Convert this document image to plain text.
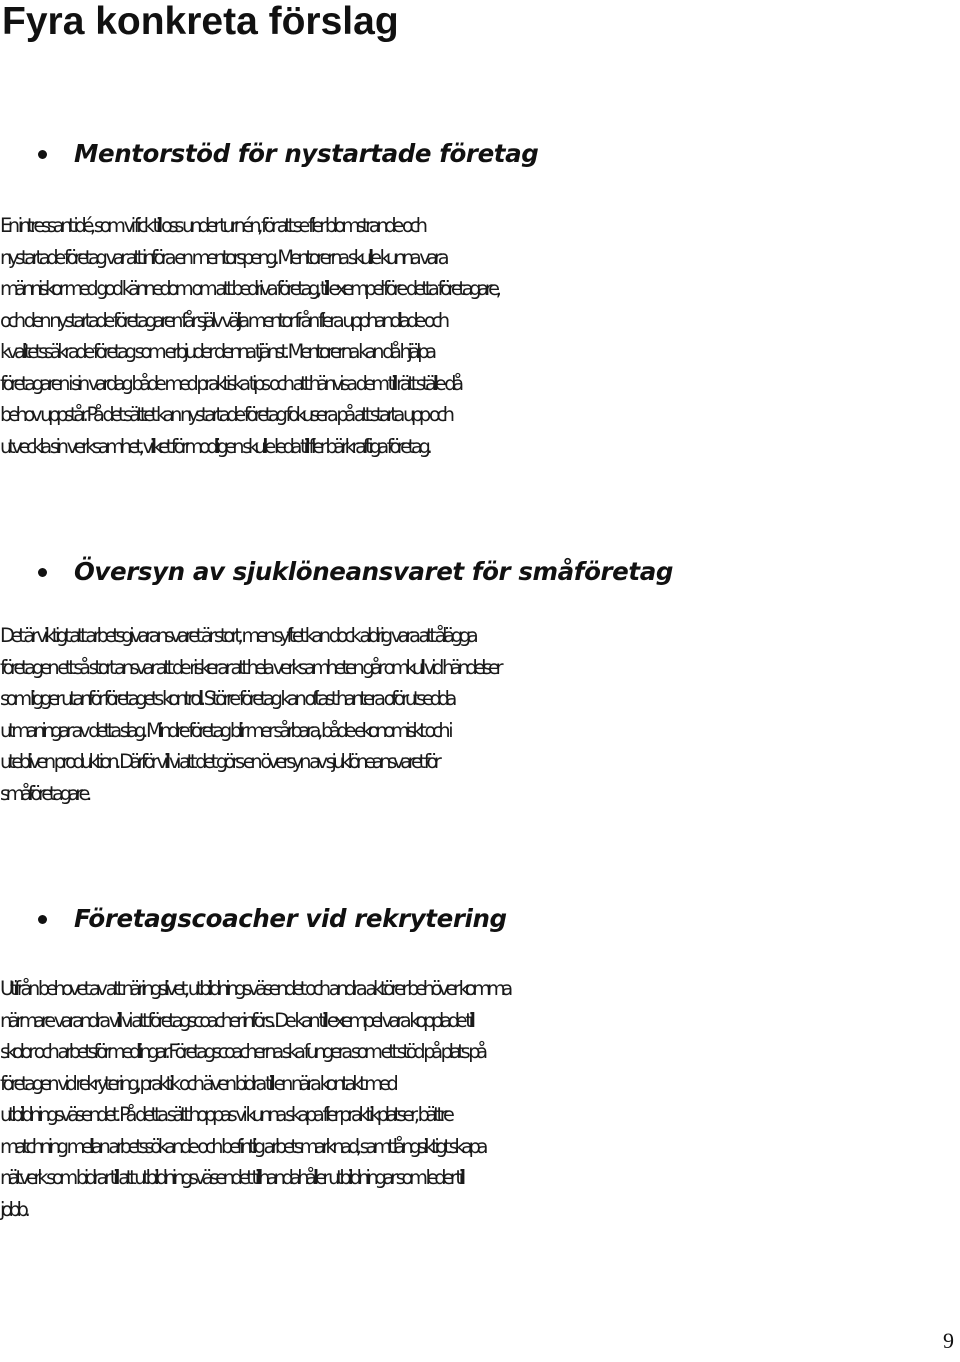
Fyra konkreta förslag
Mentorstöd för nystartade företag
En intressant idé, som vi fick till oss under turnén, för att se fler blomstrande och
nystartade företag var att införa en mentorspeng. Mentorerna skulle kunna vara
människor med god kännedom om att bedriva företag, till exempel före detta företagare,
och den nystartade företagaren får själv välja mentor från flera upphandlade och
kvalitetssäkrade företag som erbjuder denna tjänst. Mentorerna kan då hjälpa
företagaren i sin vardag både med praktiska tips och att hänvisa dem till rätt ställe då
behov uppstår. På det sättet kan nystartade företag fokusera på att starta upp och
utveckla sin verksamhet, vilket förmodligen skulle leda till fler bärkraftiga företag.
Översyn av sjuklöneansvaret för småföretag
Det är viktigt att arbetsgivaransvaret är stort, men syftet kan dock aldrig vara att ålägga
företagen ett så stort ansvar att de riskerar att hela verksamheten går omkull vid händelser
som ligger utanför företagets kontroll. Större företag kan oftast hantera oförutsedda
utmaningar av detta slag. Mindre företag blir mer sårbara, både ekonomiskt och i
utebliven produktion. Därför vill vi att det görs en översyn av sjuklöneansvaret för
småföretagare.
Företagscoacher vid rekrytering
Utifrån behovet av att näringslivet, utbildningsväsendet och andra aktörer behöver komma
närmare varandra vill vi att företagscoacher införs. De kan till exempel vara kopplade till
skolor och arbetsförmedlingar. Företagscoacherna ska fungera som ett stöd på plats på
företagen vid rekrytering, praktik och även bidra till en nära kontakt med
utbildningsväsendet. På detta sätt hoppas vi kunna skapa fler praktikplatser, bättre
matchning mellan arbetssökande och befintlig arbetsmarknad, samt långsiktigt skapa
nätverk som bidrar till att utbildningsväsendet tillhandahåller utbildningar som leder till
jobb.
9
